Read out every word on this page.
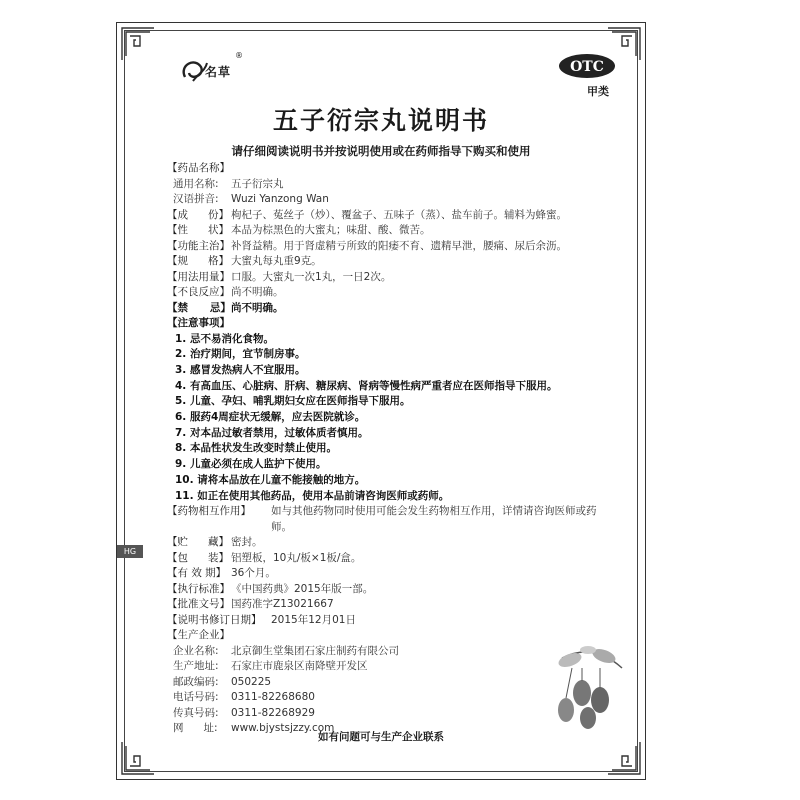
名草
®
OTC
甲类
五子衍宗丸说明书
请仔细阅读说明书并按说明使用或在药师指导下购买和使用
【药品名称】
通用名称:	五子衍宗丸
汉语拼音:	Wuzi Yanzong Wan
【成      份】 枸杞子、菟丝子（炒）、覆盆子、五味子（蒸）、盐车前子。辅料为蜂蜜。
【性      状】 本品为棕黑色的大蜜丸；味甜、酸、微苦。
【功能主治】 补肾益精。用于肾虚精亏所致的阳痿不育、遗精早泄，腰痛、尿后余沥。
【规      格】 大蜜丸每丸重9克。
【用法用量】 口服。大蜜丸一次1丸，一日2次。
【不良反应】 尚不明确。
【禁      忌】 尚不明确。
【注意事项】
1. 忌不易消化食物。
2. 治疗期间，宜节制房事。
3. 感冒发热病人不宜服用。
4. 有高血压、心脏病、肝病、糖尿病、肾病等慢性病严重者应在医师指导下服用。
5. 儿童、孕妇、哺乳期妇女应在医师指导下服用。
6. 服药4周症状无缓解，应去医院就诊。
7. 对本品过敏者禁用，过敏体质者慎用。
8. 本品性状发生改变时禁止使用。
9. 儿童必须在成人监护下使用。
10. 请将本品放在儿童不能接触的地方。
11. 如正在使用其他药品，使用本品前请咨询医师或药师。
【药物相互作用】	如与其他药物同时使用可能会发生药物相互作用，详情请咨询医师或药师。
【贮      藏】 密封。
【包      装】 铝塑板，10丸/板×1板/盒。
【有 效 期】 36个月。
【执行标准】 《中国药典》2015年版一部。
【批准文号】 国药准字Z13021667
【说明书修订日期】 2015年12月01日
【生产企业】
企业名称:	北京御生堂集团石家庄制药有限公司
生产地址:	石家庄市鹿泉区南降壁开发区
邮政编码:	050225
电话号码:	0311-82268680
传真号码:	0311-82268929
网      址:	www.bjystsjzzy.com
如有问题可与生产企业联系
HG
